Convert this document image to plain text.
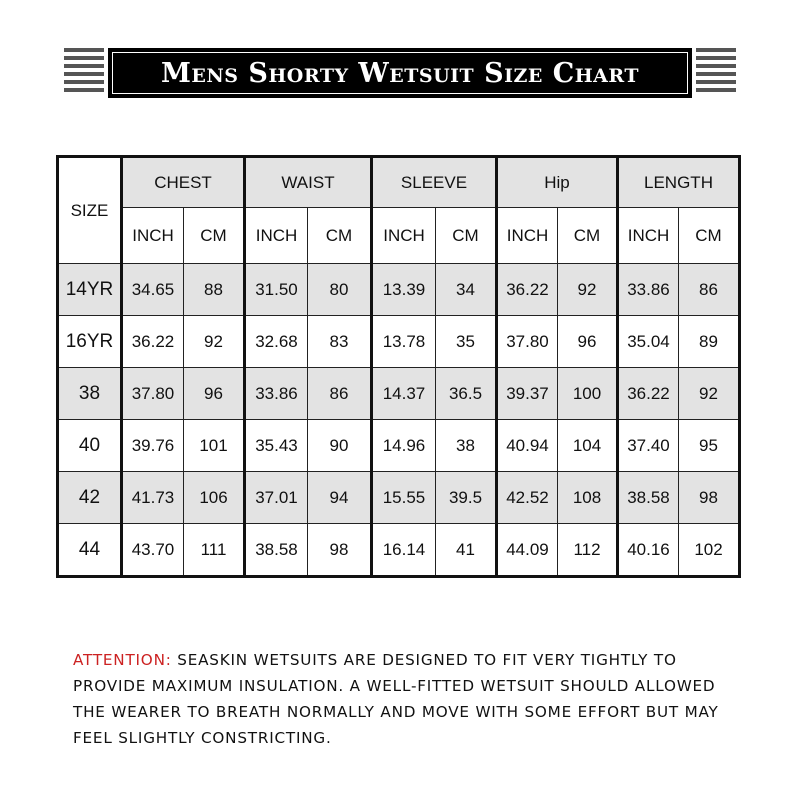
Mens Shorty Wetsuit Size Chart
SIZE	CHEST		WAIST		SLEEVE		Hip		LENGTH	
	INCH	CM	INCH	CM	INCH	CM	INCH	CM	INCH	CM
14YR	34.65	88	31.50	80	13.39	34	36.22	92	33.86	86
16YR	36.22	92	32.68	83	13.78	35	37.80	96	35.04	89
38	37.80	96	33.86	86	14.37	36.5	39.37	100	36.22	92
40	39.76	101	35.43	90	14.96	38	40.94	104	37.40	95
42	41.73	106	37.01	94	15.55	39.5	42.52	108	38.58	98
44	43.70	111	38.58	98	16.14	41	44.09	112	40.16	102
ATTENTION: SEASKIN WETSUITS ARE DESIGNED TO FIT VERY TIGHTLY TO PROVIDE MAXIMUM INSULATION. A WELL-FITTED WETSUIT SHOULD ALLOWED THE WEARER TO BREATH NORMALLY AND MOVE WITH SOME EFFORT BUT MAY FEEL SLIGHTLY CONSTRICTING.
